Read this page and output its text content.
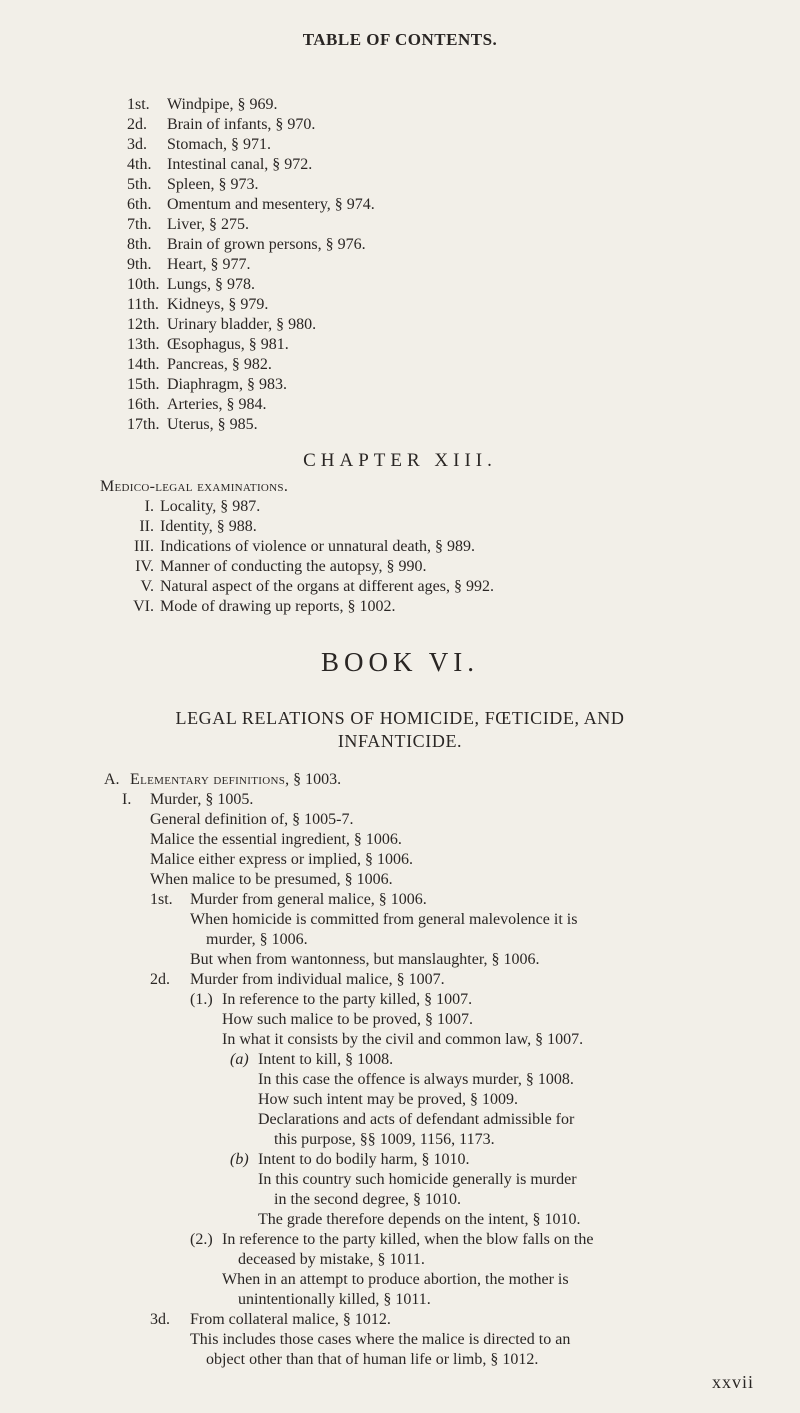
TABLE OF CONTENTS.
1st. Windpipe, § 969.
2d. Brain of infants, § 970.
3d. Stomach, § 971.
4th. Intestinal canal, § 972.
5th. Spleen, § 973.
6th. Omentum and mesentery, § 974.
7th. Liver, § 275.
8th. Brain of grown persons, § 976.
9th. Heart, § 977.
10th. Lungs, § 978.
11th. Kidneys, § 979.
12th. Urinary bladder, § 980.
13th. Œsophagus, § 981.
14th. Pancreas, § 982.
15th. Diaphragm, § 983.
16th. Arteries, § 984.
17th. Uterus, § 985.
CHAPTER XIII.
Medico-legal examinations.
I. Locality, § 987.
II. Identity, § 988.
III. Indications of violence or unnatural death, § 989.
IV. Manner of conducting the autopsy, § 990.
V. Natural aspect of the organs at different ages, § 992.
VI. Mode of drawing up reports, § 1002.
BOOK VI.
LEGAL RELATIONS OF HOMICIDE, FŒTICIDE, AND
INFANTICIDE.
A. Elementary definitions, § 1003.
I. Murder, § 1005.
General definition of, § 1005-7.
Malice the essential ingredient, § 1006.
Malice either express or implied, § 1006.
When malice to be presumed, § 1006.
1st. Murder from general malice, § 1006.
When homicide is committed from general malevolence it is
murder, § 1006.
But when from wantonness, but manslaughter, § 1006.
2d. Murder from individual malice, § 1007.
(1.) In reference to the party killed, § 1007.
How such malice to be proved, § 1007.
In what it consists by the civil and common law, § 1007.
(a) Intent to kill, § 1008.
In this case the offence is always murder, § 1008.
How such intent may be proved, § 1009.
Declarations and acts of defendant admissible for
this purpose, §§ 1009, 1156, 1173.
(b) Intent to do bodily harm, § 1010.
In this country such homicide generally is murder
in the second degree, § 1010.
The grade therefore depends on the intent, § 1010.
(2.) In reference to the party killed, when the blow falls on the
deceased by mistake, § 1011.
When in an attempt to produce abortion, the mother is
unintentionally killed, § 1011.
3d. From collateral malice, § 1012.
This includes those cases where the malice is directed to an
object other than that of human life or limb, § 1012.
xxvii
